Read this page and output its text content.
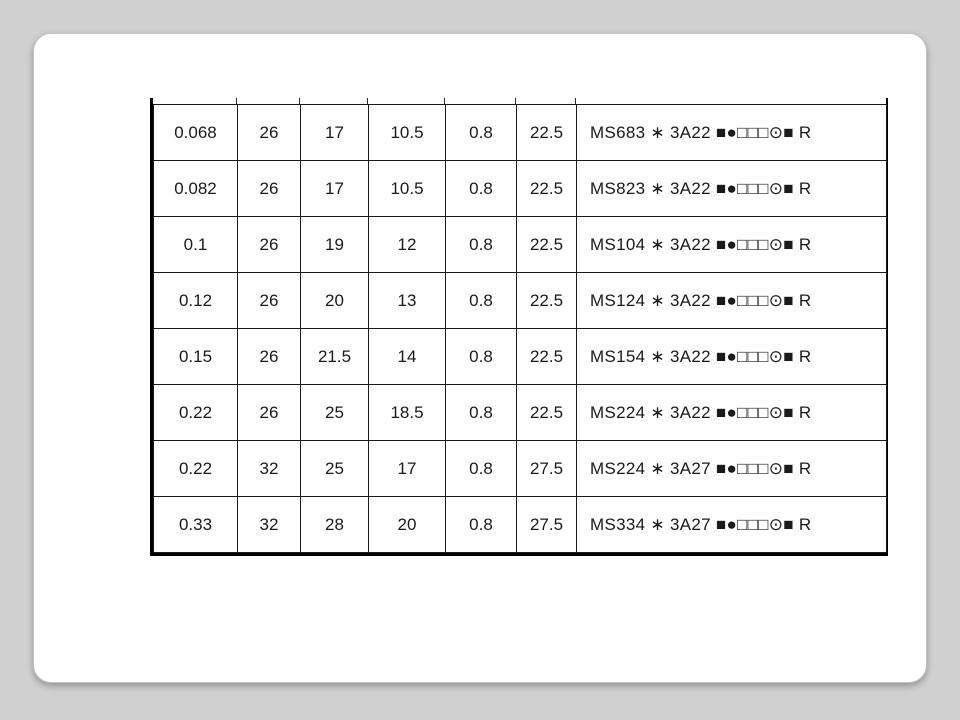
0.068	26	17	10.5	0.8	22.5	MS683 ∗ 3A22 ■●□□□⊙■ R
0.082	26	17	10.5	0.8	22.5	MS823 ∗ 3A22 ■●□□□⊙■ R
0.1	26	19	12	0.8	22.5	MS104 ∗ 3A22 ■●□□□⊙■ R
0.12	26	20	13	0.8	22.5	MS124 ∗ 3A22 ■●□□□⊙■ R
0.15	26	21.5	14	0.8	22.5	MS154 ∗ 3A22 ■●□□□⊙■ R
0.22	26	25	18.5	0.8	22.5	MS224 ∗ 3A22 ■●□□□⊙■ R
0.22	32	25	17	0.8	27.5	MS224 ∗ 3A27 ■●□□□⊙■ R
0.33	32	28	20	0.8	27.5	MS334 ∗ 3A27 ■●□□□⊙■ R
